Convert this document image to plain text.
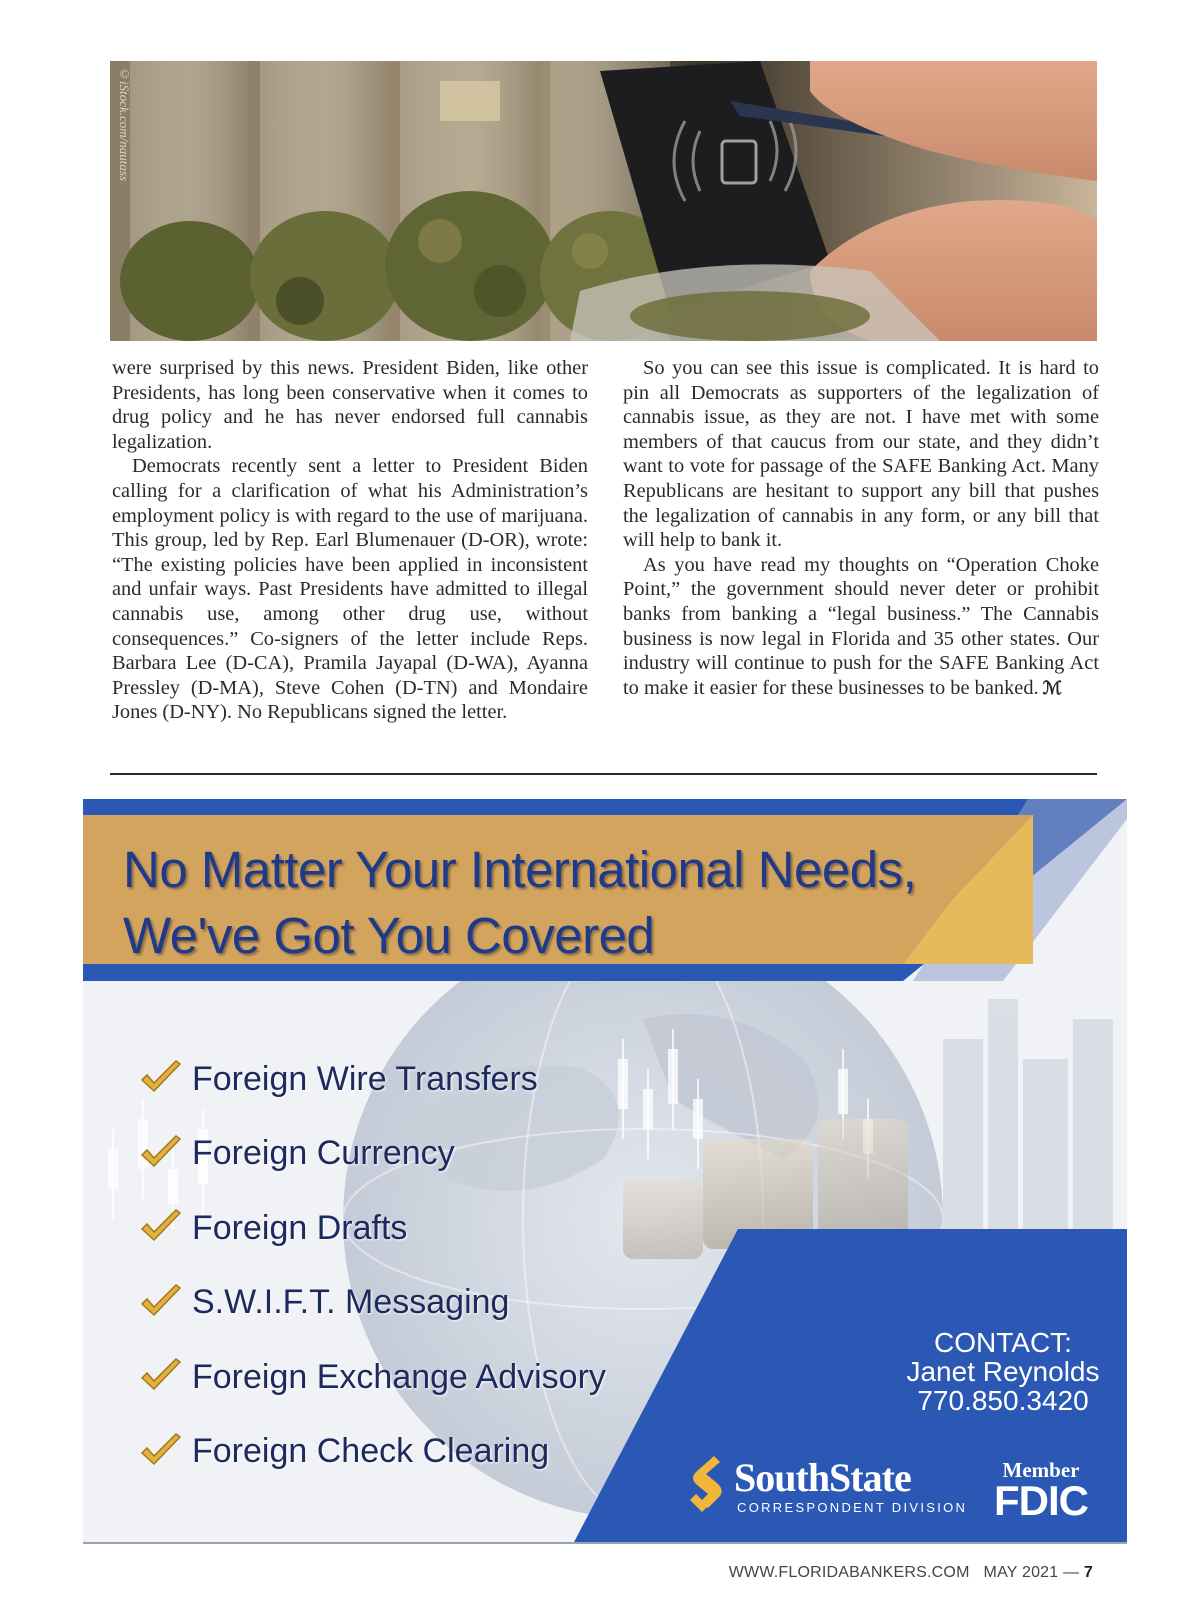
©iStock.com/nautass

were surprised by this news. President Biden, like other Presidents, has long been conservative when it comes to drug policy and he has never endorsed full cannabis legalization.

Democrats recently sent a letter to President Biden calling for a clarification of what his Administration’s employment policy is with regard to the use of marijuana. This group, led by Rep. Earl Blumenauer (D-OR), wrote: “The existing policies have been applied in inconsistent and unfair ways. Past Presidents have admitted to illegal cannabis use, among other drug use, without consequences.” Co-signers of the letter include Reps. Barbara Lee (D-CA), Pramila Jayapal (D-WA), Ayanna Pressley (D-MA), Steve Cohen (D-TN) and Mondaire Jones (D-NY). No Republicans signed the letter.

So you can see this issue is complicated. It is hard to pin all Democrats as supporters of the legalization of cannabis issue, as they are not. I have met with some members of that caucus from our state, and they didn’t want to vote for passage of the SAFE Banking Act. Many Republicans are hesitant to support any bill that pushes the legalization of cannabis in any form, or any bill that will help to bank it.

As you have read my thoughts on “Operation Choke Point,” the government should never deter or prohibit banks from banking a “legal business.” The Cannabis business is now legal in Florida and 35 other states. Our industry will continue to push for the SAFE Banking Act to make it easier for these businesses to be banked. ℳ

No Matter Your International Needs,
We've Got You Covered
Foreign Wire Transfers
Foreign Currency
Foreign Drafts
S.W.I.F.T. Messaging
Foreign Exchange Advisory
Foreign Check Clearing
CONTACT:
Janet Reynolds
770.850.3420
SouthState
CORRESPONDENT DIVISION
Member
FDIC
WWW.FLORIDABANKERS.COM MAY 2021 — 7
